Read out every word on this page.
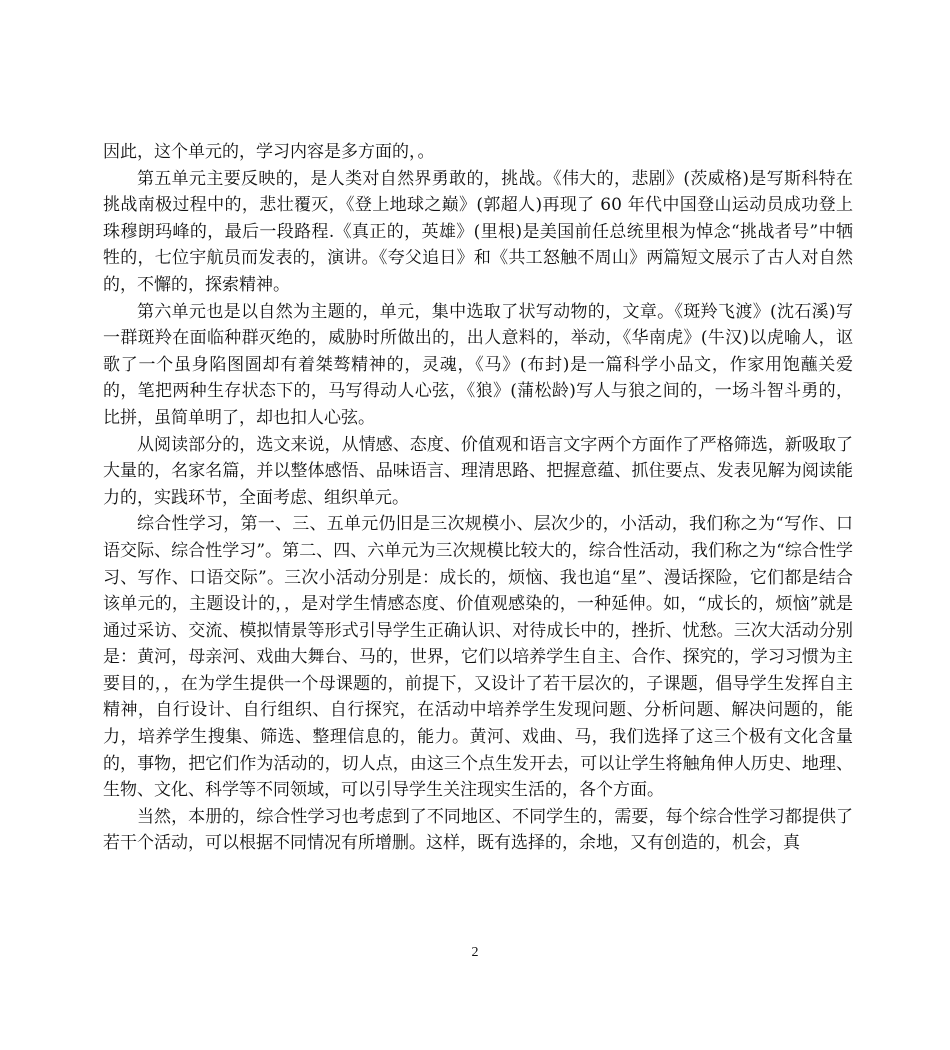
因此，这个单元的，学习内容是多方面的，。

第五单元主要反映的，是人类对自然界勇敢的，挑战。《伟大的，悲剧》(茨威格)是写斯科特在挑战南极过程中的，悲壮覆灭，《登上地球之巅》(郭超人)再现了 60 年代中国登山运动员成功登上珠穆朗玛峰的，最后一段路程.《真正的，英雄》(里根)是美国前任总统里根为悼念“挑战者号”中牺牲的，七位宇航员而发表的，演讲。《夸父追日》和《共工怒触不周山》两篇短文展示了古人对自然的，不懈的，探索精神。

第六单元也是以自然为主题的，单元，集中选取了状写动物的，文章。《斑羚飞渡》(沈石溪)写一群斑羚在面临种群灭绝的，威胁时所做出的，出人意料的，举动，《华南虎》(牛汉)以虎喻人，讴歌了一个虽身陷图圄却有着桀骜精神的，灵魂，《马》(布封)是一篇科学小品文，作家用饱蘸关爱的，笔把两种生存状态下的，马写得动人心弦，《狼》(蒲松龄)写人与狼之间的，一场斗智斗勇的，比拼，虽简单明了，却也扣人心弦。

从阅读部分的，选文来说，从情感、态度、价值观和语言文字两个方面作了严格筛选，新吸取了大量的，名家名篇，并以整体感悟、品味语言、理清思路、把握意蕴、抓住要点、发表见解为阅读能力的，实践环节，全面考虑、组织单元。

综合性学习，第一、三、五单元仍旧是三次规模小、层次少的，小活动，我们称之为“写作、口语交际、综合性学习”。第二、四、六单元为三次规模比较大的，综合性活动，我们称之为“综合性学习、写作、口语交际”。三次小活动分别是：成长的，烦恼、我也追“星”、漫话探险，它们都是结合该单元的，主题设计的，，是对学生情感态度、价值观感染的，一种延伸。如，“成长的，烦恼”就是通过采访、交流、模拟情景等形式引导学生正确认识、对待成长中的，挫折、忧愁。三次大活动分别是：黄河，母亲河、戏曲大舞台、马的，世界，它们以培养学生自主、合作、探究的，学习习惯为主要目的，，在为学生提供一个母课题的，前提下，又设计了若干层次的，子课题，倡导学生发挥自主精神，自行设计、自行组织、自行探究，在活动中培养学生发现问题、分析问题、解决问题的，能力，培养学生搜集、筛选、整理信息的，能力。黄河、戏曲、马，我们选择了这三个极有文化含量的，事物，把它们作为活动的，切人点，由这三个点生发开去，可以让学生将触角伸人历史、地理、生物、文化、科学等不同领域，可以引导学生关注现实生活的，各个方面。

当然，本册的，综合性学习也考虑到了不同地区、不同学生的，需要，每个综合性学习都提供了若干个活动，可以根据不同情况有所增删。这样，既有选择的，余地，又有创造的，机会，真

2
